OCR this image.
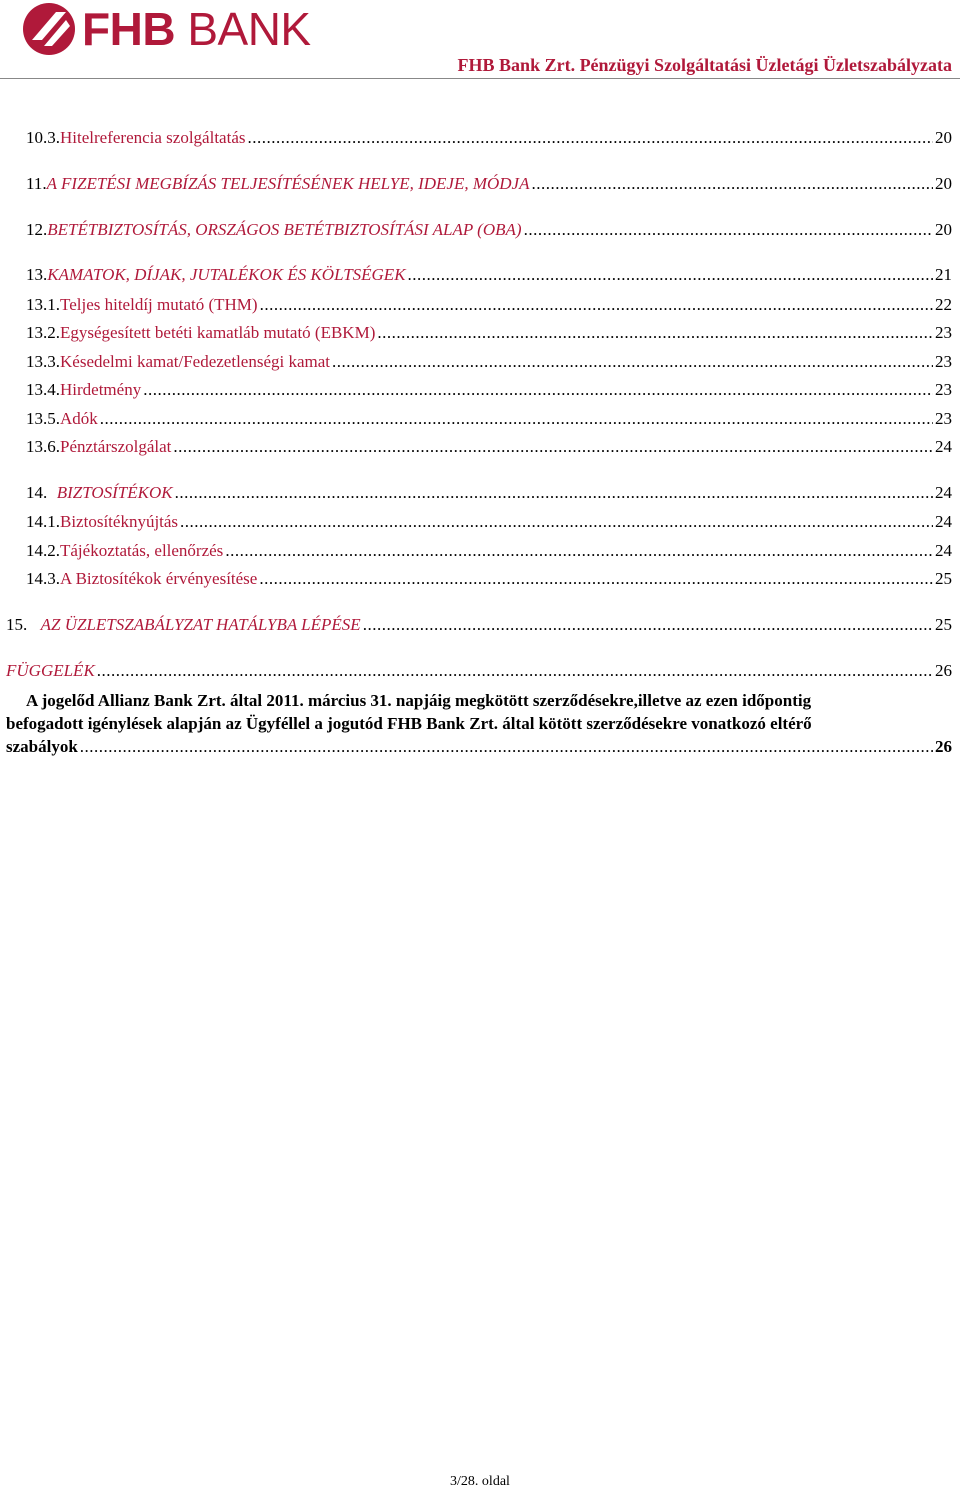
FHB BANK
FHB Bank Zrt. Pénzügyi Szolgáltatási Üzletági Üzletszabályzata
10.3. Hitelreferencia szolgáltatás .....	20
11. A FIZETÉSI MEGBÍZÁS TELJESÍTÉSÉNEK HELYE, IDEJE, MÓDJA .....	20
12. BETÉTBIZTOSÍTÁS, ORSZÁGOS BETÉTBIZTOSÍTÁSI ALAP (OBA) .....	20
13. KAMATOK, DÍJAK, JUTALÉKOK ÉS KÖLTSÉGEK .....	21
13.1. Teljes hiteldíj mutató (THM) .....	22
13.2. Egységesített betéti kamatláb mutató (EBKM) .....	23
13.3. Késedelmi kamat/Fedezetlenségi kamat .....	23
13.4. Hirdetmény .....	23
13.5. Adók .....	23
13.6. Pénztárszolgálat .....	24
14. BIZTOSÍTÉKOK .....	24
14.1. Biztosítéknyújtás .....	24
14.2. Tájékoztatás, ellenőrzés .....	24
14.3. A Biztosítékok érvényesítése .....	25
15. AZ ÜZLETSZABÁLYZAT HATÁLYBA LÉPÉSE .....	25
FÜGGELÉK .....	26
A jogelőd Allianz Bank Zrt. által 2011. március 31. napjáig megkötött szerződésekre,illetve az ezen időpontig
befogadott igénylések alapján az Ügyféllel a jogutód FHB Bank Zrt. által kötött szerződésekre vonatkozó eltérő
szabályok .....	26
3/28. oldal
